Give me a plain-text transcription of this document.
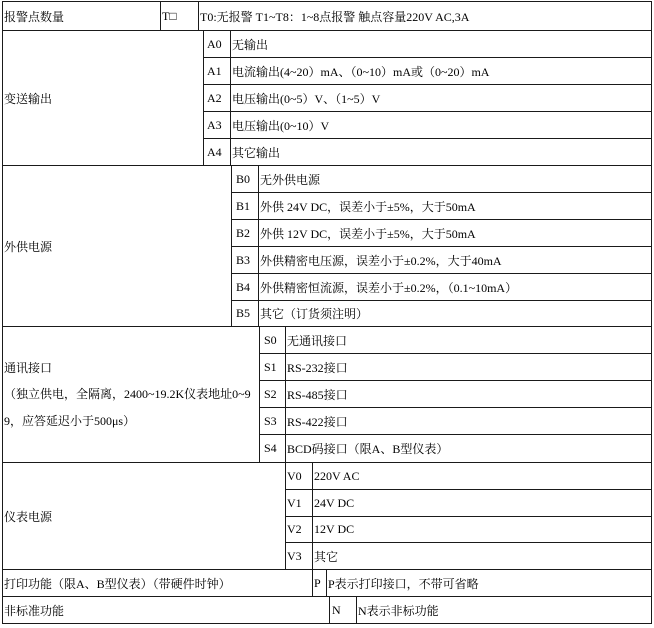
报警点数量	T□	T0:无报警 T1~T8：1~8点报警 触点容量220V AC,3A
变送输出
A0 无输出
A1 电流输出(4~20）mA、（0~10）mA或（0~20）mA
A2 电压输出(0~5）V、（1~5）V
A3 电压输出(0~10）V
A4 其它输出
外供电源
B0 无外供电源
B1 外供 24V DC，误差小于±5%，大于50mA
B2 外供 12V DC，误差小于±5%，大于50mA
B3 外供精密电压源，误差小于±0.2%，大于40mA
B4 外供精密恒流源，误差小于±0.2%，（0.1~10mA）
B5 其它（订货须注明）
通讯接口
（独立供电，全隔离，2400~19.2K仪表地址0~99，应答延迟小于500μs）
S0 无通讯接口
S1 RS-232接口
S2 RS-485接口
S3 RS-422接口
S4 BCD码接口（限A、B型仪表）
仪表电源
V0	220V AC
V1	24V DC
V2	12V DC
V3	其它
打印功能（限A、B型仪表）（带硬件时钟）	P P表示打印接口，不带可省略
非标准功能	N	N表示非标功能
